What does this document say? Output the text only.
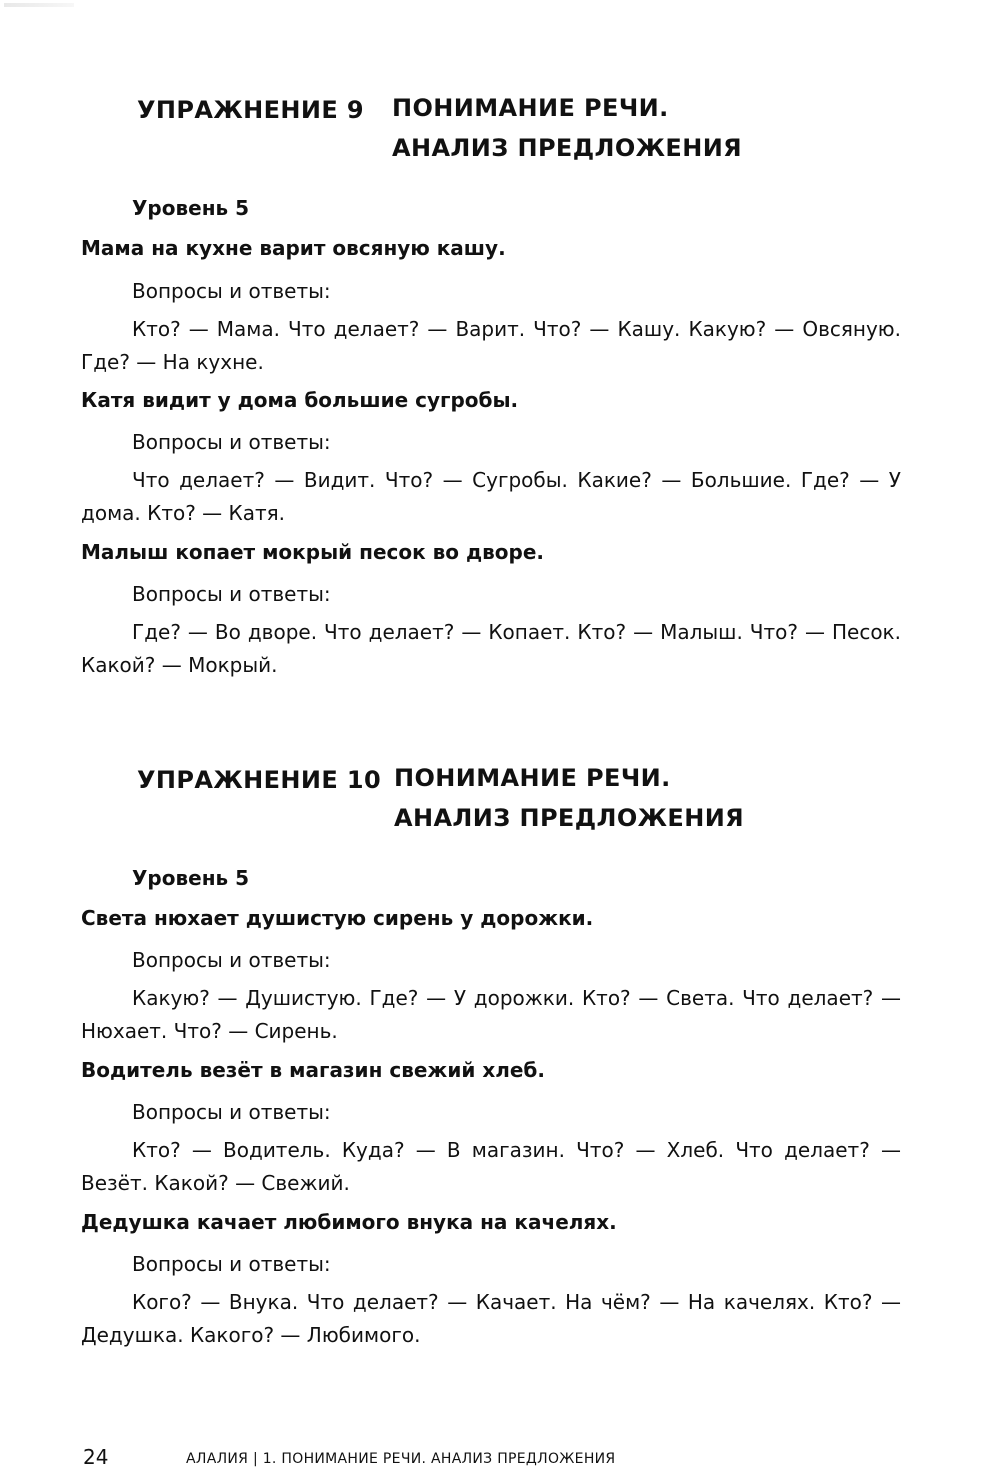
УПРАЖНЕНИЕ 9 ПОНИМАНИЕ РЕЧИ.
АНАЛИЗ ПРЕДЛОЖЕНИЯ
Уровень 5
Мама на кухне варит овсяную кашу.
Вопросы и ответы:

Кто? — Мама. Что делает? — Варит. Что? — Кашу. Какую? — Овсяную. Где? — На кухне.

Катя видит у дома большие сугробы.
Вопросы и ответы:

Что делает? — Видит. Что? — Сугробы. Какие? — Большие. Где? — У дома. Кто? — Катя.

Малыш копает мокрый песок во дворе.
Вопросы и ответы:

Где? — Во дворе. Что делает? — Копает. Кто? — Малыш. Что? — Песок. Какой? — Мокрый.

УПРАЖНЕНИЕ 10 ПОНИМАНИЕ РЕЧИ.
АНАЛИЗ ПРЕДЛОЖЕНИЯ
Уровень 5
Света нюхает душистую сирень у дорожки.
Вопросы и ответы:

Какую? — Душистую. Где? — У дорожки. Кто? — Света. Что делает? — Нюхает. Что? — Сирень.

Водитель везёт в магазин свежий хлеб.
Вопросы и ответы:

Кто? — Водитель. Куда? — В магазин. Что? — Хлеб. Что делает? — Везёт. Какой? — Свежий.

Дедушка качает любимого внука на качелях.
Вопросы и ответы:

Кого? — Внука. Что делает? — Качает. На чём? — На качелях. Кто? — Дедушка. Какого? — Любимого.

24	АЛАЛИЯ | 1. ПОНИМАНИЕ РЕЧИ. АНАЛИЗ ПРЕДЛОЖЕНИЯ
